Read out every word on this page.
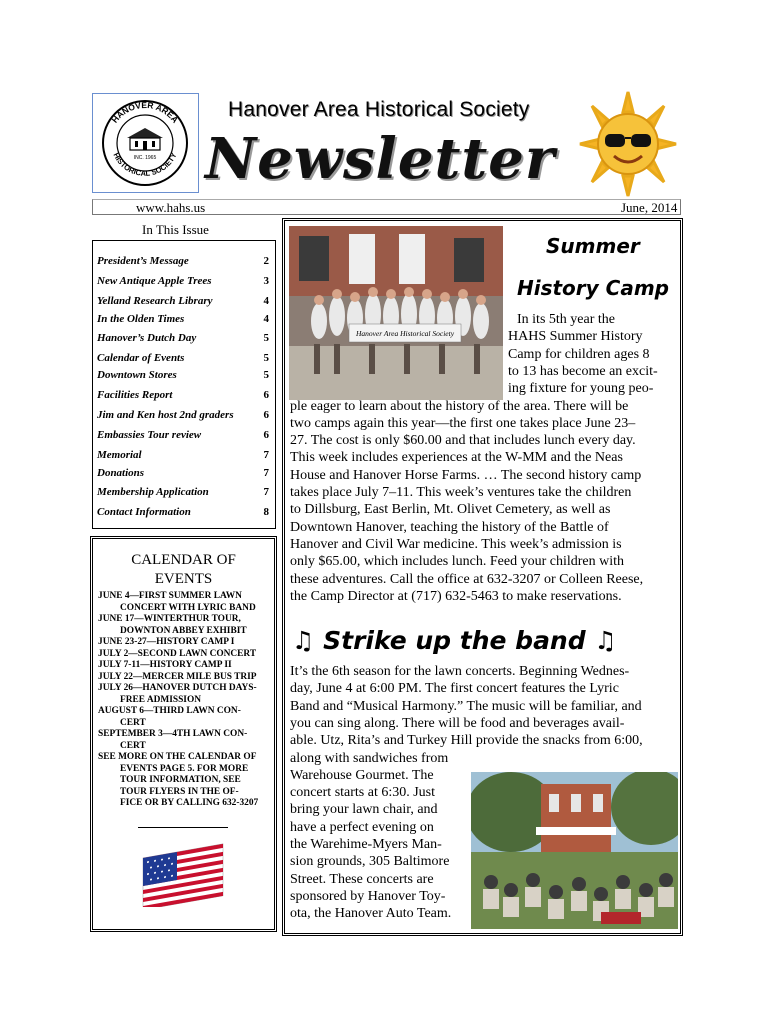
HANOVER AREA
HISTORICAL SOCIETY
INC. 1965
Hanover Area Historical Society
Newsletter
www.hahs.us	June, 2014
In This Issue
President’s Message	2
New Antique Apple Trees	3
Yelland Research Library	4
In the Olden Times	4
Hanover’s Dutch Day	5
Calendar of Events	5
Downtown Stores	5
Facilities Report	6
Jim and Ken host 2nd graders	6
Embassies Tour review	6
Memorial	7
Donations	7
Membership Application	7
Contact Information	8
CALENDAR OF
EVENTS
JUNE 4—FIRST SUMMER LAWN
CONCERT WITH LYRIC BAND
JUNE 17—WINTERTHUR TOUR,
DOWNTON ABBEY EXHIBIT
JUNE 23-27—HISTORY CAMP I
JULY 2—SECOND LAWN CONCERT
JULY 7-11—HISTORY CAMP II
JULY 22—MERCER MILE BUS TRIP
JULY 26—HANOVER DUTCH DAYS-
FREE ADMISSION
AUGUST 6—THIRD LAWN CON-
CERT
SEPTEMBER 3—4TH LAWN CON-
CERT
SEE MORE ON THE CALENDAR OF
EVENTS PAGE 5. FOR MORE
TOUR INFORMATION, SEE
TOUR FLYERS IN THE OF-
FICE OR BY CALLING 632-3207
Hanover Area Historical Society
Summer
History Camp
In its 5th year the
HAHS Summer History
Camp for children ages 8
to 13 has become an excit-
ing fixture for young peo-
ple eager to learn about the history of the area. There will be
two camps again this year—the first one takes place June 23–
27. The cost is only $60.00 and that includes lunch every day.
This week includes experiences at the W-MM and the Neas
House and Hanover Horse Farms. … The second history camp
takes place July 7–11. This week’s ventures take the children
to Dillsburg, East Berlin, Mt. Olivet Cemetery, as well as
Downtown Hanover, teaching the history of the Battle of
Hanover and Civil War medicine. This week’s admission is
only $65.00, which includes lunch. Feed your children with
these adventures. Call the office at 632-3207 or Colleen Reese,
the Camp Director at (717) 632-5463 to make reservations.
♫ Strike up the band ♫
It’s the 6th season for the lawn concerts. Beginning Wednes-
day, June 4 at 6:00 PM. The first concert features the Lyric
Band and “Musical Harmony.” The music will be familiar, and
you can sing along. There will be food and beverages avail-
able. Utz, Rita’s and Turkey Hill provide the snacks from 6:00,
along with sandwiches from
Warehouse Gourmet. The
concert starts at 6:30. Just
bring your lawn chair, and
have a perfect evening on
the Warehime-Myers Man-
sion grounds, 305 Baltimore
Street. These concerts are
sponsored by Hanover Toy-
ota, the Hanover Auto Team.
